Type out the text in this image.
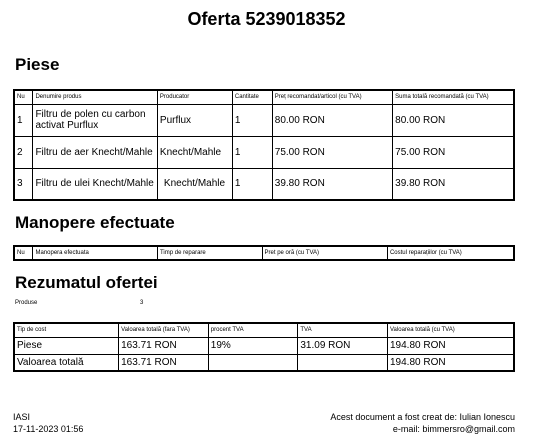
Oferta 5239018352
Piese
Nu	Denumire produs	Producator	Cantitate	Preț recomandat/articol (cu TVA)	Suma totală recomandată (cu TVA)
1	Filtru de polen cu carbon activat Purflux	Purflux	1	80.00 RON	80.00 RON
2	Filtru de aer Knecht/Mahle	Knecht/Mahle	1	75.00 RON	75.00 RON
3	Filtru de ulei Knecht/Mahle	Knecht/Mahle	1	39.80 RON	39.80 RON
Manopere efectuate
Nu	Manopera efectuata	Timp de reparare	Pret pe oră (cu TVA)	Costul reparațiilor (cu TVA)
Rezumatul ofertei
Produse	3
Tip de cost	Valoarea totală (fara TVA)	procent TVA	TVA	Valoarea totală (cu TVA)
Piese	163.71 RON	19%	31.09 RON	194.80 RON
Valoarea totală	163.71 RON			194.80 RON
IASI
17-11-2023 01:56
Acest document a fost creat de: Iulian Ionescu
e-mail: bimmersro@gmail.com
